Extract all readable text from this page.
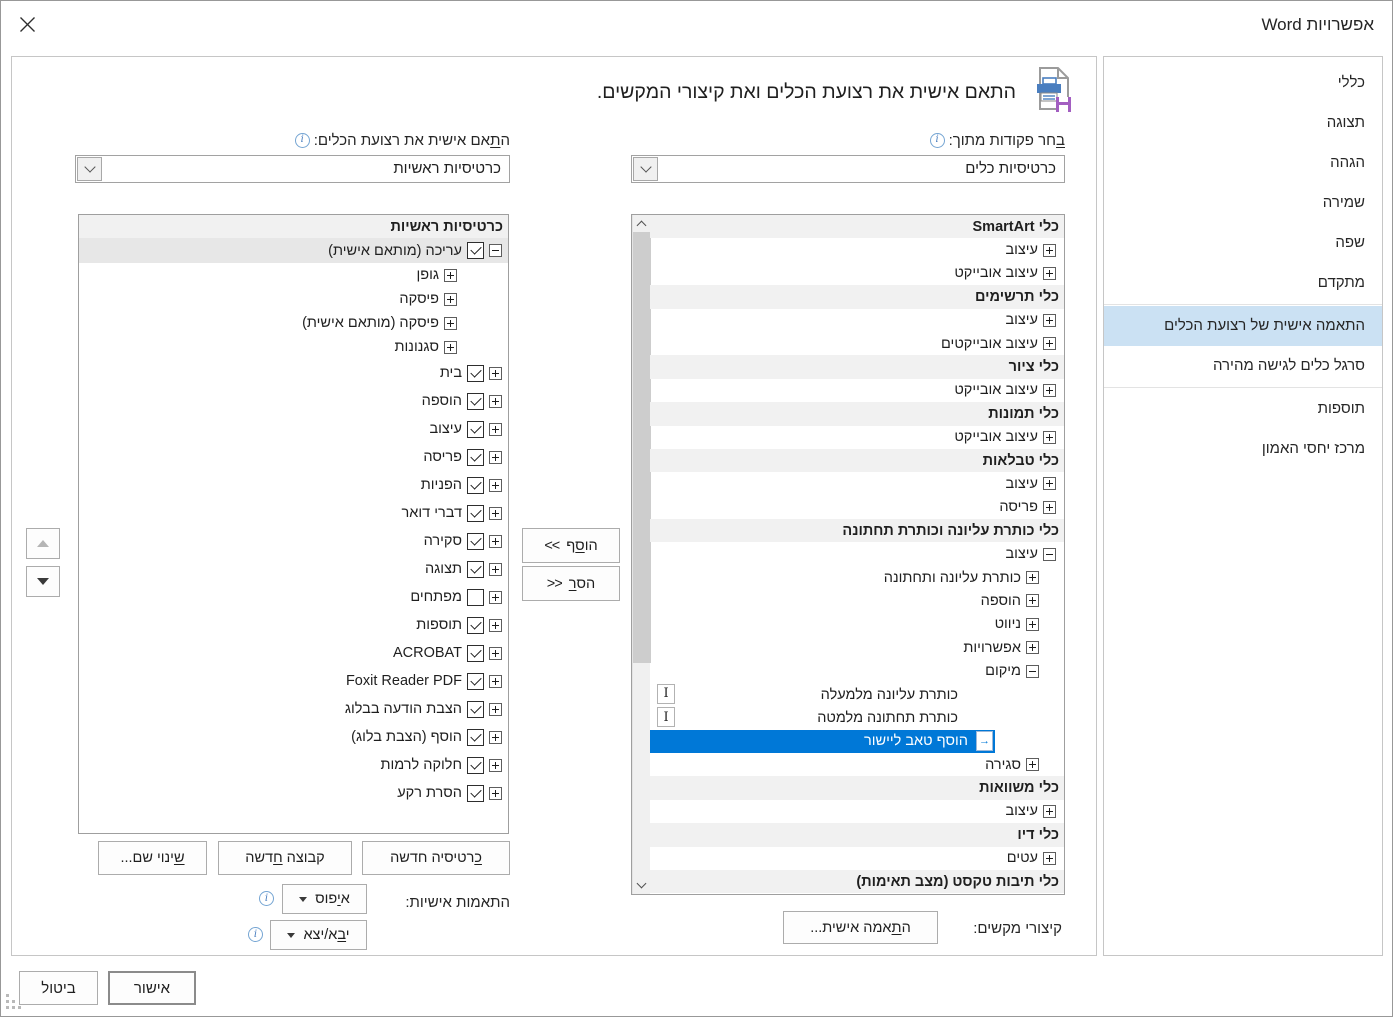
אפשרויות Word
כללי
תצוגה
הגהה
שמירה
שפה
מתקדם
התאמה אישית של רצועת הכלים
סרגל כלים לגישה מהירה
תוספות
מרכז יחסי האמון
התאם אישית את רצועת הכלים ואת קיצורי המקשים.
בחר פקודות מתוך:
i
כרטיסיות כלים
כלי SmartArt
עיצוב
עיצוב אובייקט
כלי תרשימים
עיצוב
עיצוב אובייקטים
כלי ציור
עיצוב אובייקט
כלי תמונות
עיצוב אובייקט
כלי טבלאות
עיצוב
פריסה
כלי כותרת עליונה וכותרת תחתונה
עיצוב
כותרת עליונה ותחתונה
הוספה
ניווט
אפשרויות
מיקום
כותרת עליונה מלמעלה
I
כותרת תחתונה מלמטה
I
→
הוסף טאב ליישור
סגירה
כלי משוואות
עיצוב
כלי דיו
עטים
כלי תיבות טקסט (מצב תאימות)
קיצורי מקשים:
התאמה אישית...
התאם אישית את רצועת הכלים:
i
כרטיסיות ראשיות
כרטיסיות ראשיות
עריכה (מותאם אישית)
גופן
פיסקה
פיסקה (מותאם אישית)
סגנונות
בית
הוספה
עיצוב
פריסה
הפניות
דברי דואר
סקירה
תצוגה
מפתחים
תוספות
ACROBAT
Foxit Reader PDF
הצבת הודעה בבלוג
הוסף (הצבת בלוג)
חלוקה לרמות
הסרת רקע
כרטיסיה חדשה
קבוצה חדשה
שינוי שם...
התאמות אישיות:
איפוס
i
יבא/יצא
i
<<	הוסף
>>	הסר
אישור
ביטול
